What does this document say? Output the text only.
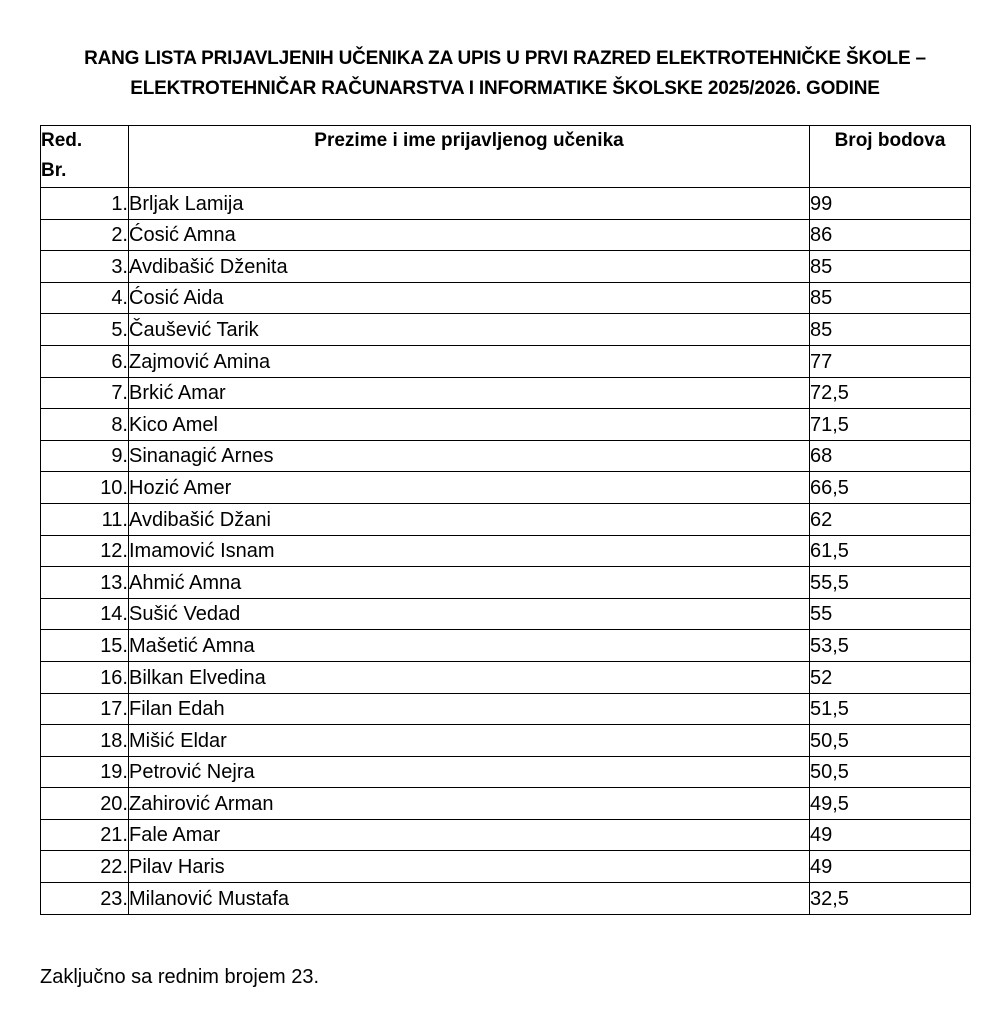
RANG LISTA PRIJAVLJENIH UČENIKA ZA UPIS U PRVI RAZRED ELEKTROTEHNIČKE ŠKOLE –
ELEKTROTEHNIČAR RAČUNARSTVA I INFORMATIKE ŠKOLSKE 2025/2026. GODINE
Red.
Br.	Prezime i ime prijavljenog učenika	Broj bodova
1.	Brljak Lamija	99
2.	Ćosić Amna	86
3.	Avdibašić Dženita	85
4.	Ćosić Aida	85
5.	Čaušević Tarik	85
6.	Zajmović Amina	77
7.	Brkić Amar	72,5
8.	Kico Amel	71,5
9.	Sinanagić Arnes	68
10.	Hozić Amer	66,5
11.	Avdibašić Džani	62
12.	Imamović Isnam	61,5
13.	Ahmić Amna	55,5
14.	Sušić Vedad	55
15.	Mašetić Amna	53,5
16.	Bilkan Elvedina	52
17.	Filan Edah	51,5
18.	Mišić Eldar	50,5
19.	Petrović Nejra	50,5
20.	Zahirović Arman	49,5
21.	Fale Amar	49
22.	Pilav Haris	49
23.	Milanović Mustafa	32,5
Zaključno sa rednim brojem 23.
